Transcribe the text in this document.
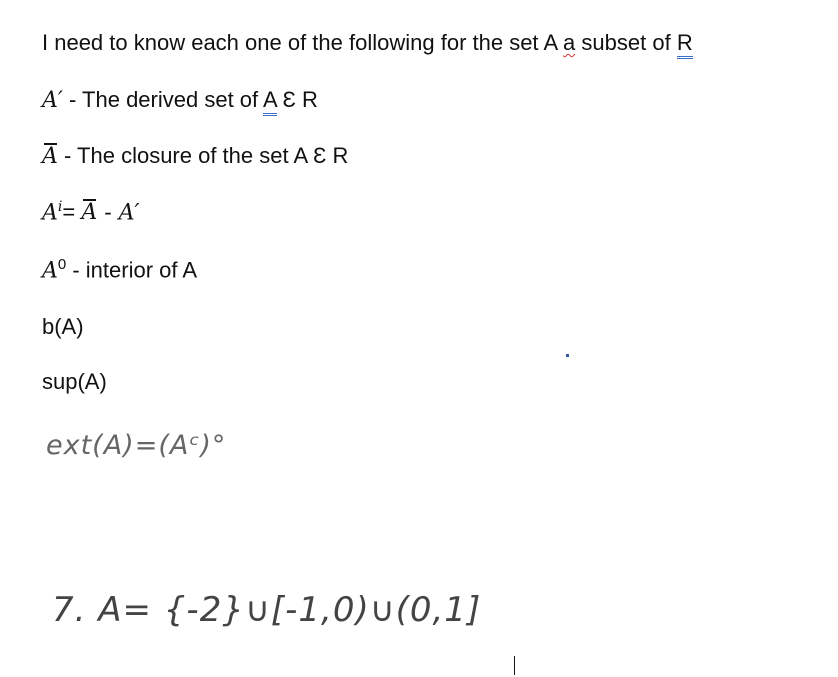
I need to know each one of the following for the set A a subset of R
A′ - The derived set of A Ɛ R
A - The closure of the set A Ɛ R
$A^i= A - A'$
$A^0$ - interior of A
b(A)
sup(A)
ext(A)=(Aᶜ)°
7. A= {-2}∪[-1,0)∪(0,1]
